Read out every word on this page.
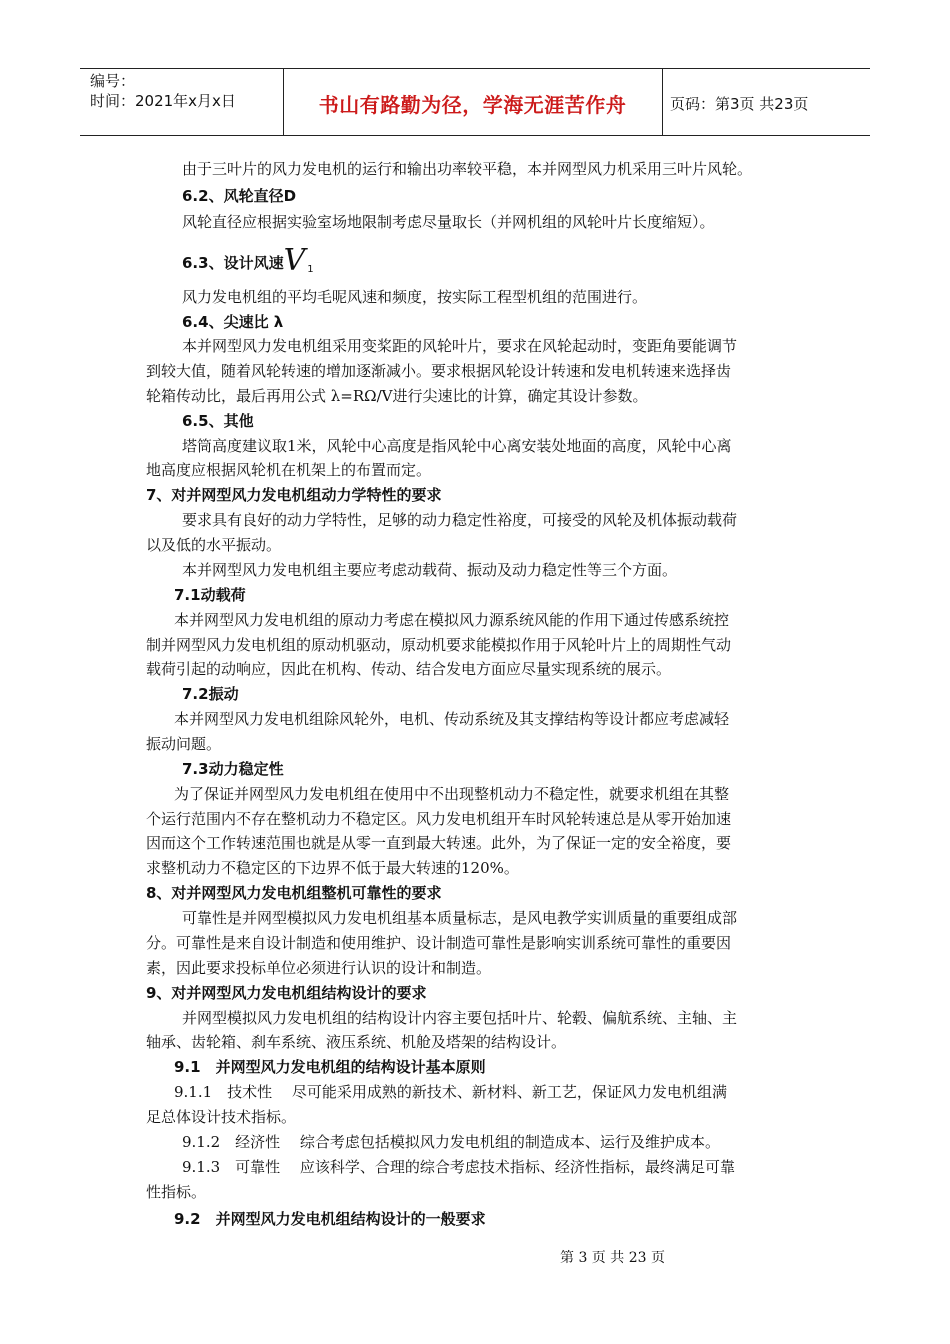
编号：
时间：2021年x月x日	书山有路勤为径，学海无涯苦作舟	页码：第3页 共23页
由于三叶片的风力发电机的运行和输出功率较平稳，本并网型风力机采用三叶片风轮。
6.2、风轮直径D
风轮直径应根据实验室场地限制考虑尽量取长（并网机组的风轮叶片长度缩短）。
6.3、设计风速V $_1$
风力发电机组的平均毛呢风速和频度，按实际工程型机组的范围进行。
6.4、尖速比 λ
本并网型风力发电机组采用变桨距的风轮叶片，要求在风轮起动时，变距角要能调节
到较大值，随着风轮转速的增加逐渐减小。要求根据风轮设计转速和发电机转速来选择齿
轮箱传动比，最后再用公式 λ=RΩ/V进行尖速比的计算，确定其设计参数。
6.5、其他
塔筒高度建议取1米，风轮中心高度是指风轮中心离安装处地面的高度，风轮中心离
地高度应根据风轮机在机架上的布置而定。
7、对并网型风力发电机组动力学特性的要求
要求具有良好的动力学特性，足够的动力稳定性裕度，可接受的风轮及机体振动载荷
以及低的水平振动。
本并网型风力发电机组主要应考虑动载荷、振动及动力稳定性等三个方面。
7.1动载荷
本并网型风力发电机组的原动力考虑在模拟风力源系统风能的作用下通过传感系统控
制并网型风力发电机组的原动机驱动，原动机要求能模拟作用于风轮叶片上的周期性气动
载荷引起的动响应，因此在机构、传动、结合发电方面应尽量实现系统的展示。
7.2振动
本并网型风力发电机组除风轮外，电机、传动系统及其支撑结构等设计都应考虑减轻
振动问题。
7.3动力稳定性
为了保证并网型风力发电机组在使用中不出现整机动力不稳定性，就要求机组在其整
个运行范围内不存在整机动力不稳定区。风力发电机组开车时风轮转速总是从零开始加速
因而这个工作转速范围也就是从零一直到最大转速。此外，为了保证一定的安全裕度，要
求整机动力不稳定区的下边界不低于最大转速的120%。
8、对并网型风力发电机组整机可靠性的要求
可靠性是并网型模拟风力发电机组基本质量标志，是风电教学实训质量的重要组成部
分。可靠性是来自设计制造和使用维护、设计制造可靠性是影响实训系统可靠性的重要因
素，因此要求投标单位必须进行认识的设计和制造。
9、对并网型风力发电机组结构设计的要求
并网型模拟风力发电机组的结构设计内容主要包括叶片、轮毂、偏航系统、主轴、主
轴承、齿轮箱、刹车系统、液压系统、机舱及塔架的结构设计。
9.1　并网型风力发电机组的结构设计基本原则
9.1.1　技术性　 尽可能采用成熟的新技术、新材料、新工艺，保证风力发电机组满
足总体设计技术指标。
9.1.2　经济性　 综合考虑包括模拟风力发电机组的制造成本、运行及维护成本。
9.1.3　可靠性　 应该科学、合理的综合考虑技术指标、经济性指标，最终满足可靠
性指标。
9.2　并网型风力发电机组结构设计的一般要求
第 3 页 共 23 页
